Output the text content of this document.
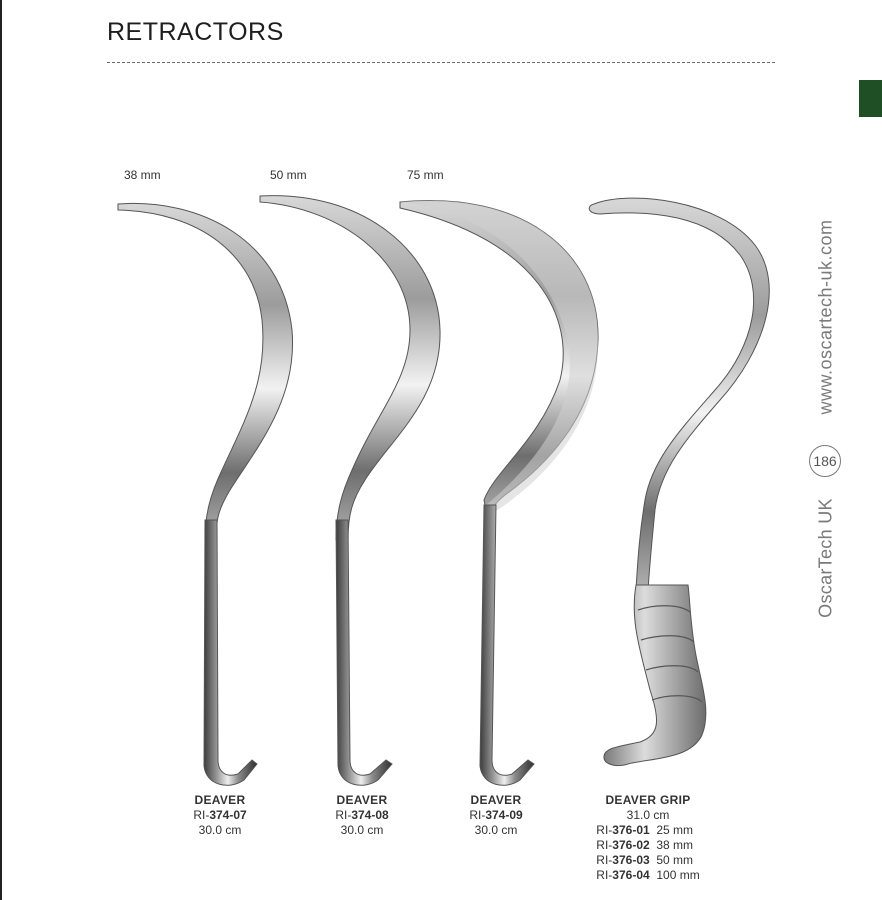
RETRACTORS
www.oscartech-uk.com
186
OscarTech UK
38 mm	50 mm	75 mm
DEAVER
RI-374-07
30.0 cm
DEAVER
RI-374-08
30.0 cm
DEAVER
RI-374-09
30.0 cm
DEAVER GRIP
31.0 cm
RI-376-01 25 mm
RI-376-02 38 mm
RI-376-03 50 mm
RI-376-04 100 mm
